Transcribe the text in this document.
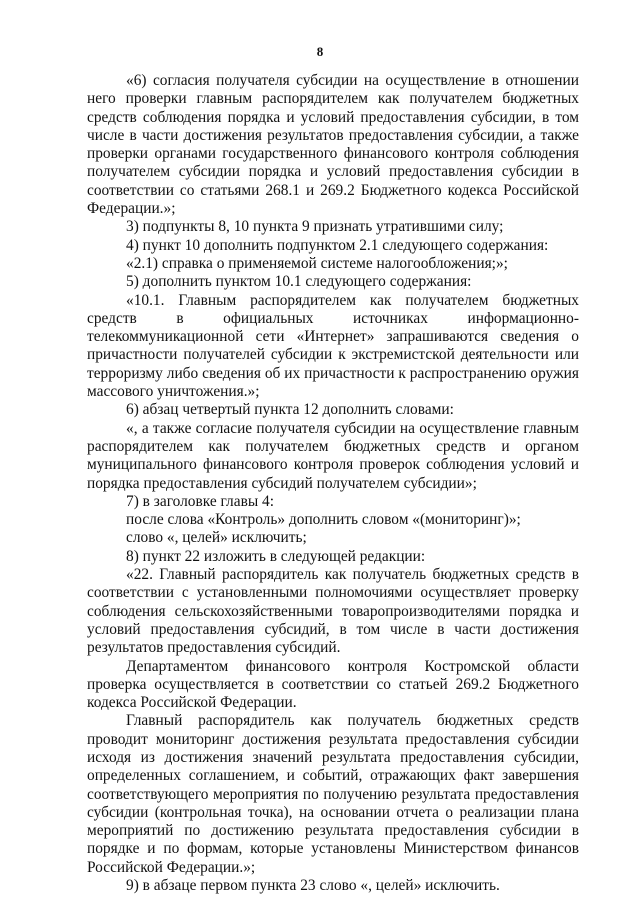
8

«6) согласия получателя субсидии на осуществление в отношении него проверки главным распорядителем как получателем бюджетных средств соблюдения порядка и условий предоставления субсидии, в том числе в части достижения результатов предоставления субсидии, а также проверки органами государственного финансового контроля соблюдения получателем субсидии порядка и условий предоставления субсидии в соответствии со статьями 268.1 и 269.2 Бюджетного кодекса Российской Федерации.»;

3) подпункты 8, 10 пункта 9 признать утратившими силу;

4) пункт 10 дополнить подпунктом 2.1 следующего содержания:

«2.1) справка о применяемой системе налогообложения;»;

5) дополнить пунктом 10.1 следующего содержания:

«10.1. Главным распорядителем как получателем бюджетных средств в официальных источниках информационно-телекоммуникационной сети «Интернет» запрашиваются сведения о причастности получателей субсидии к экстремистской деятельности или терроризму либо сведения об их причастности к распространению оружия массового уничтожения.»;

6) абзац четвертый пункта 12 дополнить словами:

«, а также согласие получателя субсидии на осуществление главным распорядителем как получателем бюджетных средств и органом муниципального финансового контроля проверок соблюдения условий и порядка предоставления субсидий получателем субсидии»;

7) в заголовке главы 4:

после слова «Контроль» дополнить словом «(мониторинг)»;

слово «, целей» исключить;

8) пункт 22 изложить в следующей редакции:

«22. Главный распорядитель как получатель бюджетных средств в соответствии с установленными полномочиями осуществляет проверку соблюдения сельскохозяйственными товаропроизводителями порядка и условий предоставления субсидий, в том числе в части достижения результатов предоставления субсидий.

Департаментом финансового контроля Костромской области проверка осуществляется в соответствии со статьей 269.2 Бюджетного кодекса Российской Федерации.

Главный распорядитель как получатель бюджетных средств проводит мониторинг достижения результата предоставления субсидии исходя из достижения значений результата предоставления субсидии, определенных соглашением, и событий, отражающих факт завершения соответствующего мероприятия по получению результата предоставления субсидии (контрольная точка), на основании отчета о реализации плана мероприятий по достижению результата предоставления субсидии в порядке и по формам, которые установлены Министерством финансов Российской Федерации.»;

9) в абзаце первом пункта 23 слово «, целей» исключить.
